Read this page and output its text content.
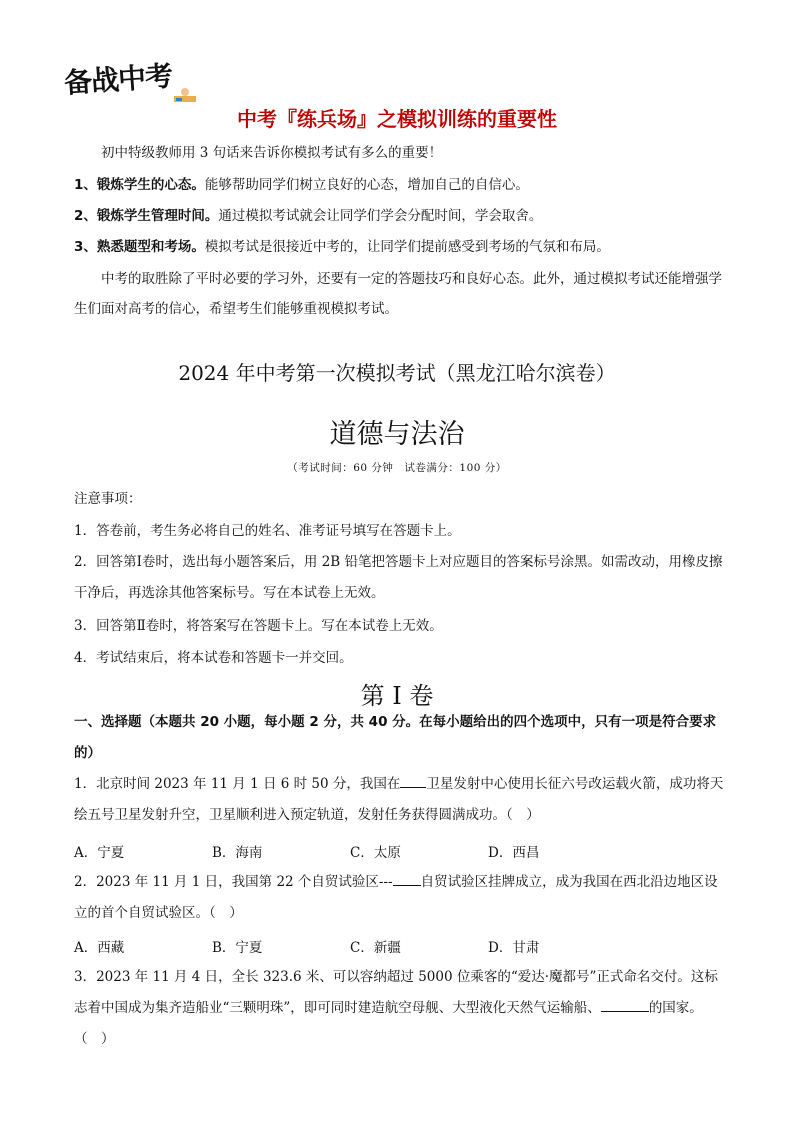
备战中考
中考『练兵场』之模拟训练的重要性
初中特级教师用 3 句话来告诉你模拟考试有多么的重要！
1、锻炼学生的心态。能够帮助同学们树立良好的心态，增加自己的自信心。
2、锻炼学生管理时间。通过模拟考试就会让同学们学会分配时间，学会取舍。
3、熟悉题型和考场。模拟考试是很接近中考的，让同学们提前感受到考场的气氛和布局。
中考的取胜除了平时必要的学习外，还要有一定的答题技巧和良好心态。此外，通过模拟考试还能增强学生们面对高考的信心，希望考生们能够重视模拟考试。
2024 年中考第一次模拟考试（黑龙江哈尔滨卷）
道德与法治
（考试时间：60 分钟　试卷满分：100 分）
注意事项：
1．答卷前，考生务必将自己的姓名、准考证号填写在答题卡上。
2．回答第Ⅰ卷时，选出每小题答案后，用 2B 铅笔把答题卡上对应题目的答案标号涂黑。如需改动，用橡皮擦干净后，再选涂其他答案标号。写在本试卷上无效。
3．回答第Ⅱ卷时，将答案写在答题卡上。写在本试卷上无效。
4．考试结束后，将本试卷和答题卡一并交回。
第 I 卷
一、选择题（本题共 20 小题，每小题 2 分，共 40 分。在每小题给出的四个选项中，只有一项是符合要求的）
1．北京时间 2023 年 11 月 1 日 6 时 50 分，我国在 卫星发射中心使用长征六号改运载火箭，成功将天绘五号卫星发射升空，卫星顺利进入预定轨道，发射任务获得圆满成功。（　）
A．宁夏	B．海南	C．太原	D．西昌
2．2023 年 11 月 1 日，我国第 22 个自贸试验区--- 自贸试验区挂牌成立，成为我国在西北沿边地区设立的首个自贸试验区。（　）
A．西藏	B．宁夏	C．新疆	D．甘肃
3．2023 年 11 月 4 日，全长 323.6 米、可以容纳超过 5000 位乘客的“爱达·魔都号”正式命名交付。这标志着中国成为集齐造船业“三颗明珠”，即可同时建造航空母舰、大型液化天然气运输船、	的国家。（　）
